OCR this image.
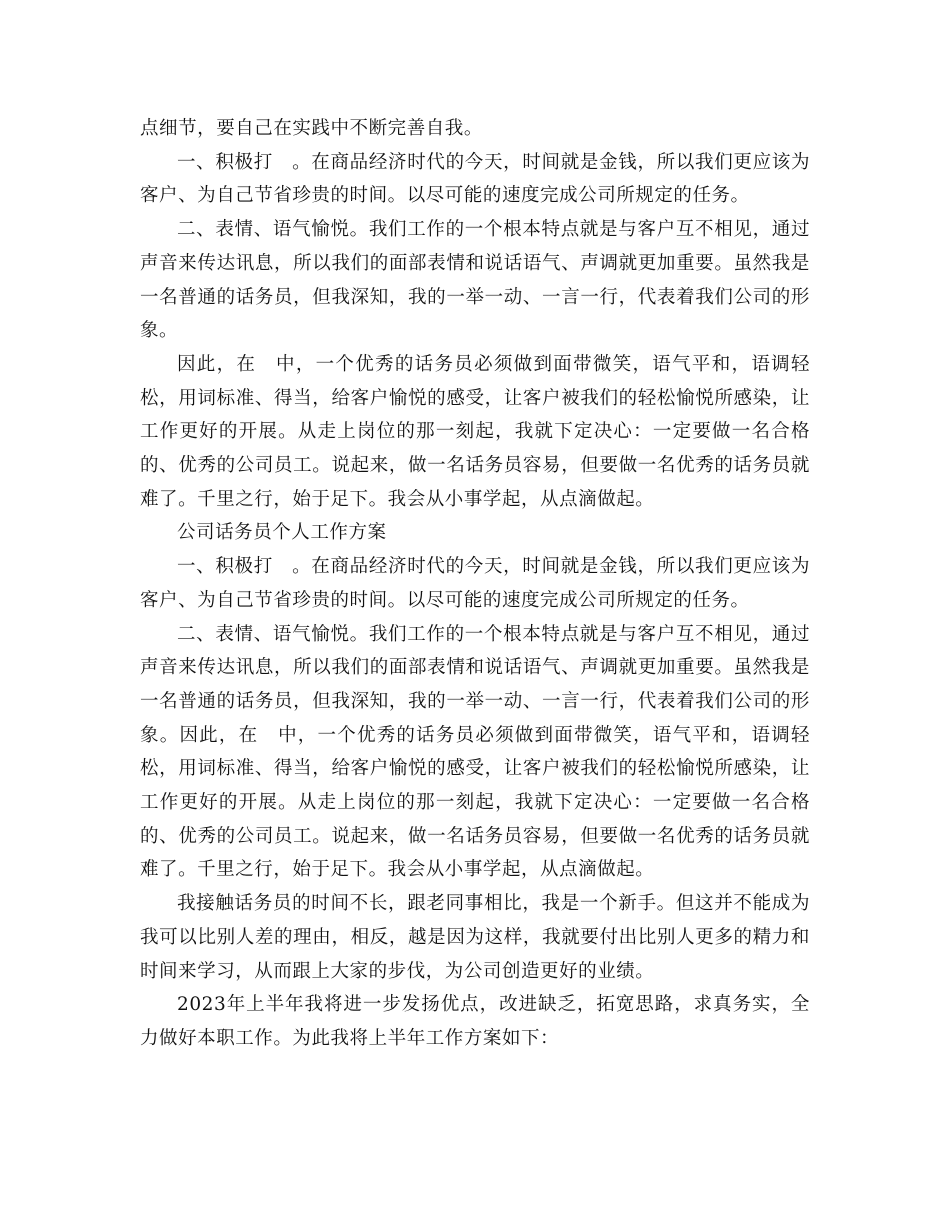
点细节，要自己在实践中不断完善自我。

一、积极打　。在商品经济时代的今天，时间就是金钱，所以我们更应该为客户、为自己节省珍贵的时间。以尽可能的速度完成公司所规定的任务。

二、表情、语气愉悦。我们工作的一个根本特点就是与客户互不相见，通过声音来传达讯息，所以我们的面部表情和说话语气、声调就更加重要。虽然我是一名普通的话务员，但我深知，我的一举一动、一言一行，代表着我们公司的形象。

因此，在　中，一个优秀的话务员必须做到面带微笑，语气平和，语调轻松，用词标准、得当，给客户愉悦的感受，让客户被我们的轻松愉悦所感染，让工作更好的开展。从走上岗位的那一刻起，我就下定决心：一定要做一名合格的、优秀的公司员工。说起来，做一名话务员容易，但要做一名优秀的话务员就难了。千里之行，始于足下。我会从小事学起，从点滴做起。

公司话务员个人工作方案

一、积极打　。在商品经济时代的今天，时间就是金钱，所以我们更应该为客户、为自己节省珍贵的时间。以尽可能的速度完成公司所规定的任务。

二、表情、语气愉悦。我们工作的一个根本特点就是与客户互不相见，通过声音来传达讯息，所以我们的面部表情和说话语气、声调就更加重要。虽然我是一名普通的话务员，但我深知，我的一举一动、一言一行，代表着我们公司的形象。因此，在　中，一个优秀的话务员必须做到面带微笑，语气平和，语调轻松，用词标准、得当，给客户愉悦的感受，让客户被我们的轻松愉悦所感染，让工作更好的开展。从走上岗位的那一刻起，我就下定决心：一定要做一名合格的、优秀的公司员工。说起来，做一名话务员容易，但要做一名优秀的话务员就难了。千里之行，始于足下。我会从小事学起，从点滴做起。

我接触话务员的时间不长，跟老同事相比，我是一个新手。但这并不能成为我可以比别人差的理由，相反，越是因为这样，我就要付出比别人更多的精力和时间来学习，从而跟上大家的步伐，为公司创造更好的业绩。

2023年上半年我将进一步发扬优点，改进缺乏，拓宽思路，求真务实，全力做好本职工作。为此我将上半年工作方案如下：
